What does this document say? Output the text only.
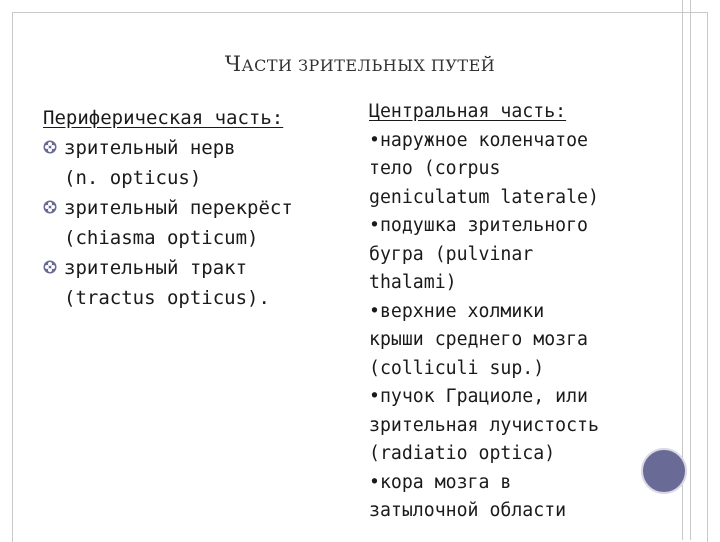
ЧАСТИ ЗРИТЕЛЬНЫХ ПУТЕЙ
Периферическая часть:
зрительный нерв
(n. opticus)
зрительный перекрёст
(chiasma opticum)
зрительный тракт
(tractus opticus).
Центральная часть:
•наружное коленчатое
тело (corpus
geniculatum laterale)
•подушка зрительного
бугра (pulvinar
thalami)
•верхние холмики
крыши среднего мозга
(colliculi sup.)
•пучок Грациоле, или
зрительная лучистость
(radiatio optica)
•кора мозга в
затылочной области
